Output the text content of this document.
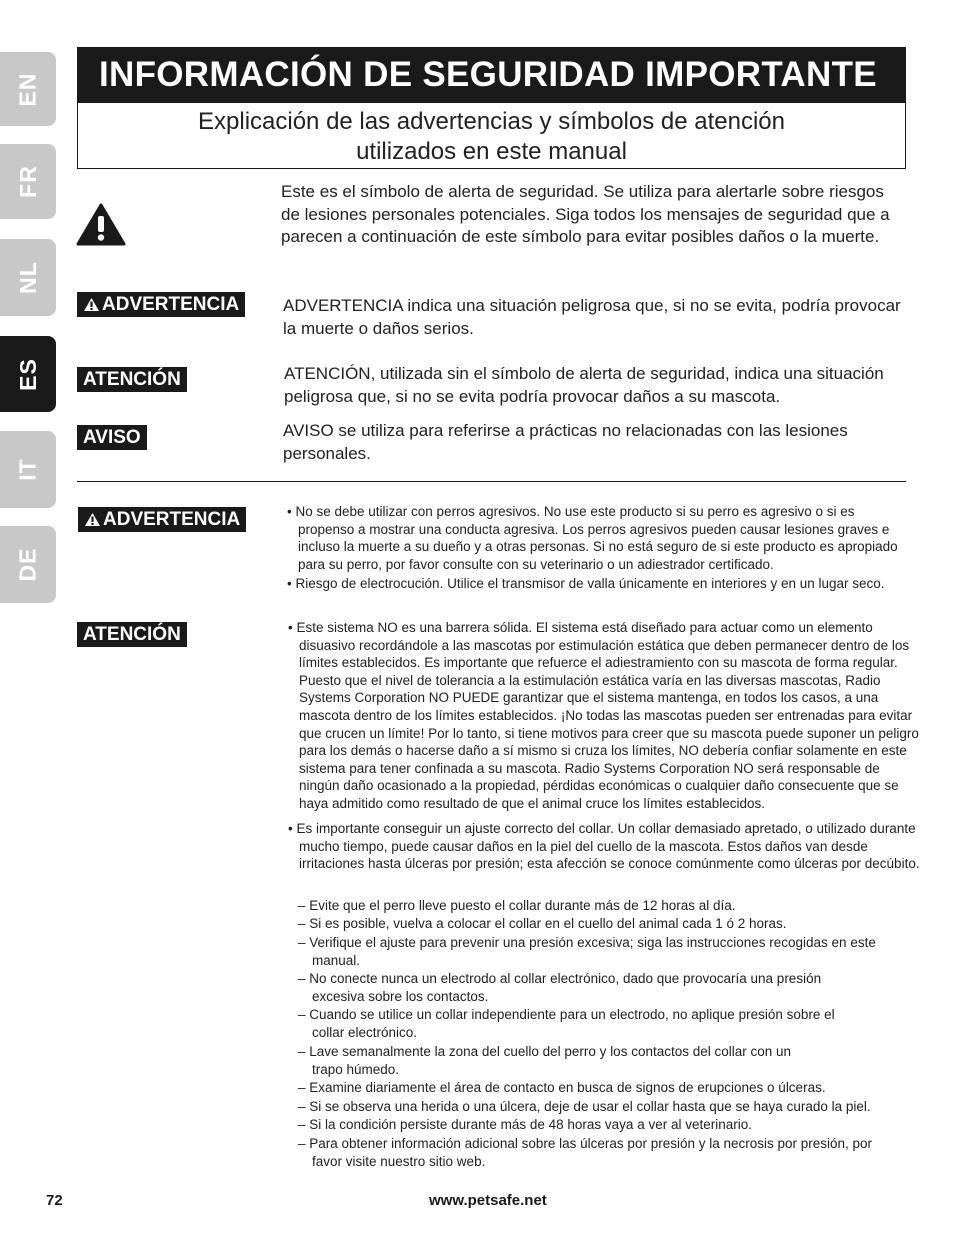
EN
FR
NL
ES
IT
DE
INFORMACIÓN DE SEGURIDAD IMPORTANTE
Explicación de las advertencias y símbolos de atención
utilizados en este manual
Este es el símbolo de alerta de seguridad. Se utiliza para alertarle sobre riesgos de lesiones personales potenciales. Siga todos los mensajes de seguridad que a parecen a continuación de este símbolo para evitar posibles daños o la muerte.
ADVERTENCIA	ADVERTENCIA indica una situación peligrosa que, si no se evita, podría provocar la muerte o daños serios.
ATENCIÓN	ATENCIÓN, utilizada sin el símbolo de alerta de seguridad, indica una situación peligrosa que, si no se evita podría provocar daños a su mascota.
AVISO	AVISO se utiliza para referirse a prácticas no relacionadas con las lesiones personales.
ADVERTENCIA	• No se debe utilizar con perros agresivos. No use este producto si su perro es agresivo o si es propenso a mostrar una conducta agresiva. Los perros agresivos pueden causar lesiones graves e incluso la muerte a su dueño y a otras personas. Si no está seguro de si este producto es apropiado para su perro, por favor consulte con su veterinario o un adiestrador certificado.
• Riesgo de electrocución. Utilice el transmisor de valla únicamente en interiores y en un lugar seco.
ATENCIÓN	• Este sistema NO es una barrera sólida. El sistema está diseñado para actuar como un elemento disuasivo recordándole a las mascotas por estimulación estática que deben permanecer dentro de los límites establecidos. Es importante que refuerce el adiestramiento con su mascota de forma regular. Puesto que el nivel de tolerancia a la estimulación estática varía en las diversas mascotas, Radio Systems Corporation NO PUEDE garantizar que el sistema mantenga, en todos los casos, a una mascota dentro de los límites establecidos. ¡No todas las mascotas pueden ser entrenadas para evitar que crucen un límite! Por lo tanto, si tiene motivos para creer que su mascota puede suponer un peligro para los demás o hacerse daño a sí mismo si cruza los límites, NO debería confiar solamente en este sistema para tener confinada a su mascota. Radio Systems Corporation NO será responsable de ningún daño ocasionado a la propiedad, pérdidas económicas o cualquier daño consecuente que se haya admitido como resultado de que el animal cruce los límites establecidos.
• Es importante conseguir un ajuste correcto del collar. Un collar demasiado apretado, o utilizado durante mucho tiempo, puede causar daños en la piel del cuello de la mascota. Estos daños van desde irritaciones hasta úlceras por presión; esta afección se conoce comúnmente como úlceras por decúbito.
– Evite que el perro lleve puesto el collar durante más de 12 horas al día.
– Si es posible, vuelva a colocar el collar en el cuello del animal cada 1 ó 2 horas.
– Verifique el ajuste para prevenir una presión excesiva; siga las instrucciones recogidas en este manual.
– No conecte nunca un electrodo al collar electrónico, dado que provocaría una presión excesiva sobre los contactos.
– Cuando se utilice un collar independiente para un electrodo, no aplique presión sobre el collar electrónico.
– Lave semanalmente la zona del cuello del perro y los contactos del collar con un trapo húmedo.
– Examine diariamente el área de contacto en busca de signos de erupciones o úlceras.
– Si se observa una herida o una úlcera, deje de usar el collar hasta que se haya curado la piel.
– Si la condición persiste durante más de 48 horas vaya a ver al veterinario.
– Para obtener información adicional sobre las úlceras por presión y la necrosis por presión, por favor visite nuestro sitio web.
72	www.petsafe.net
